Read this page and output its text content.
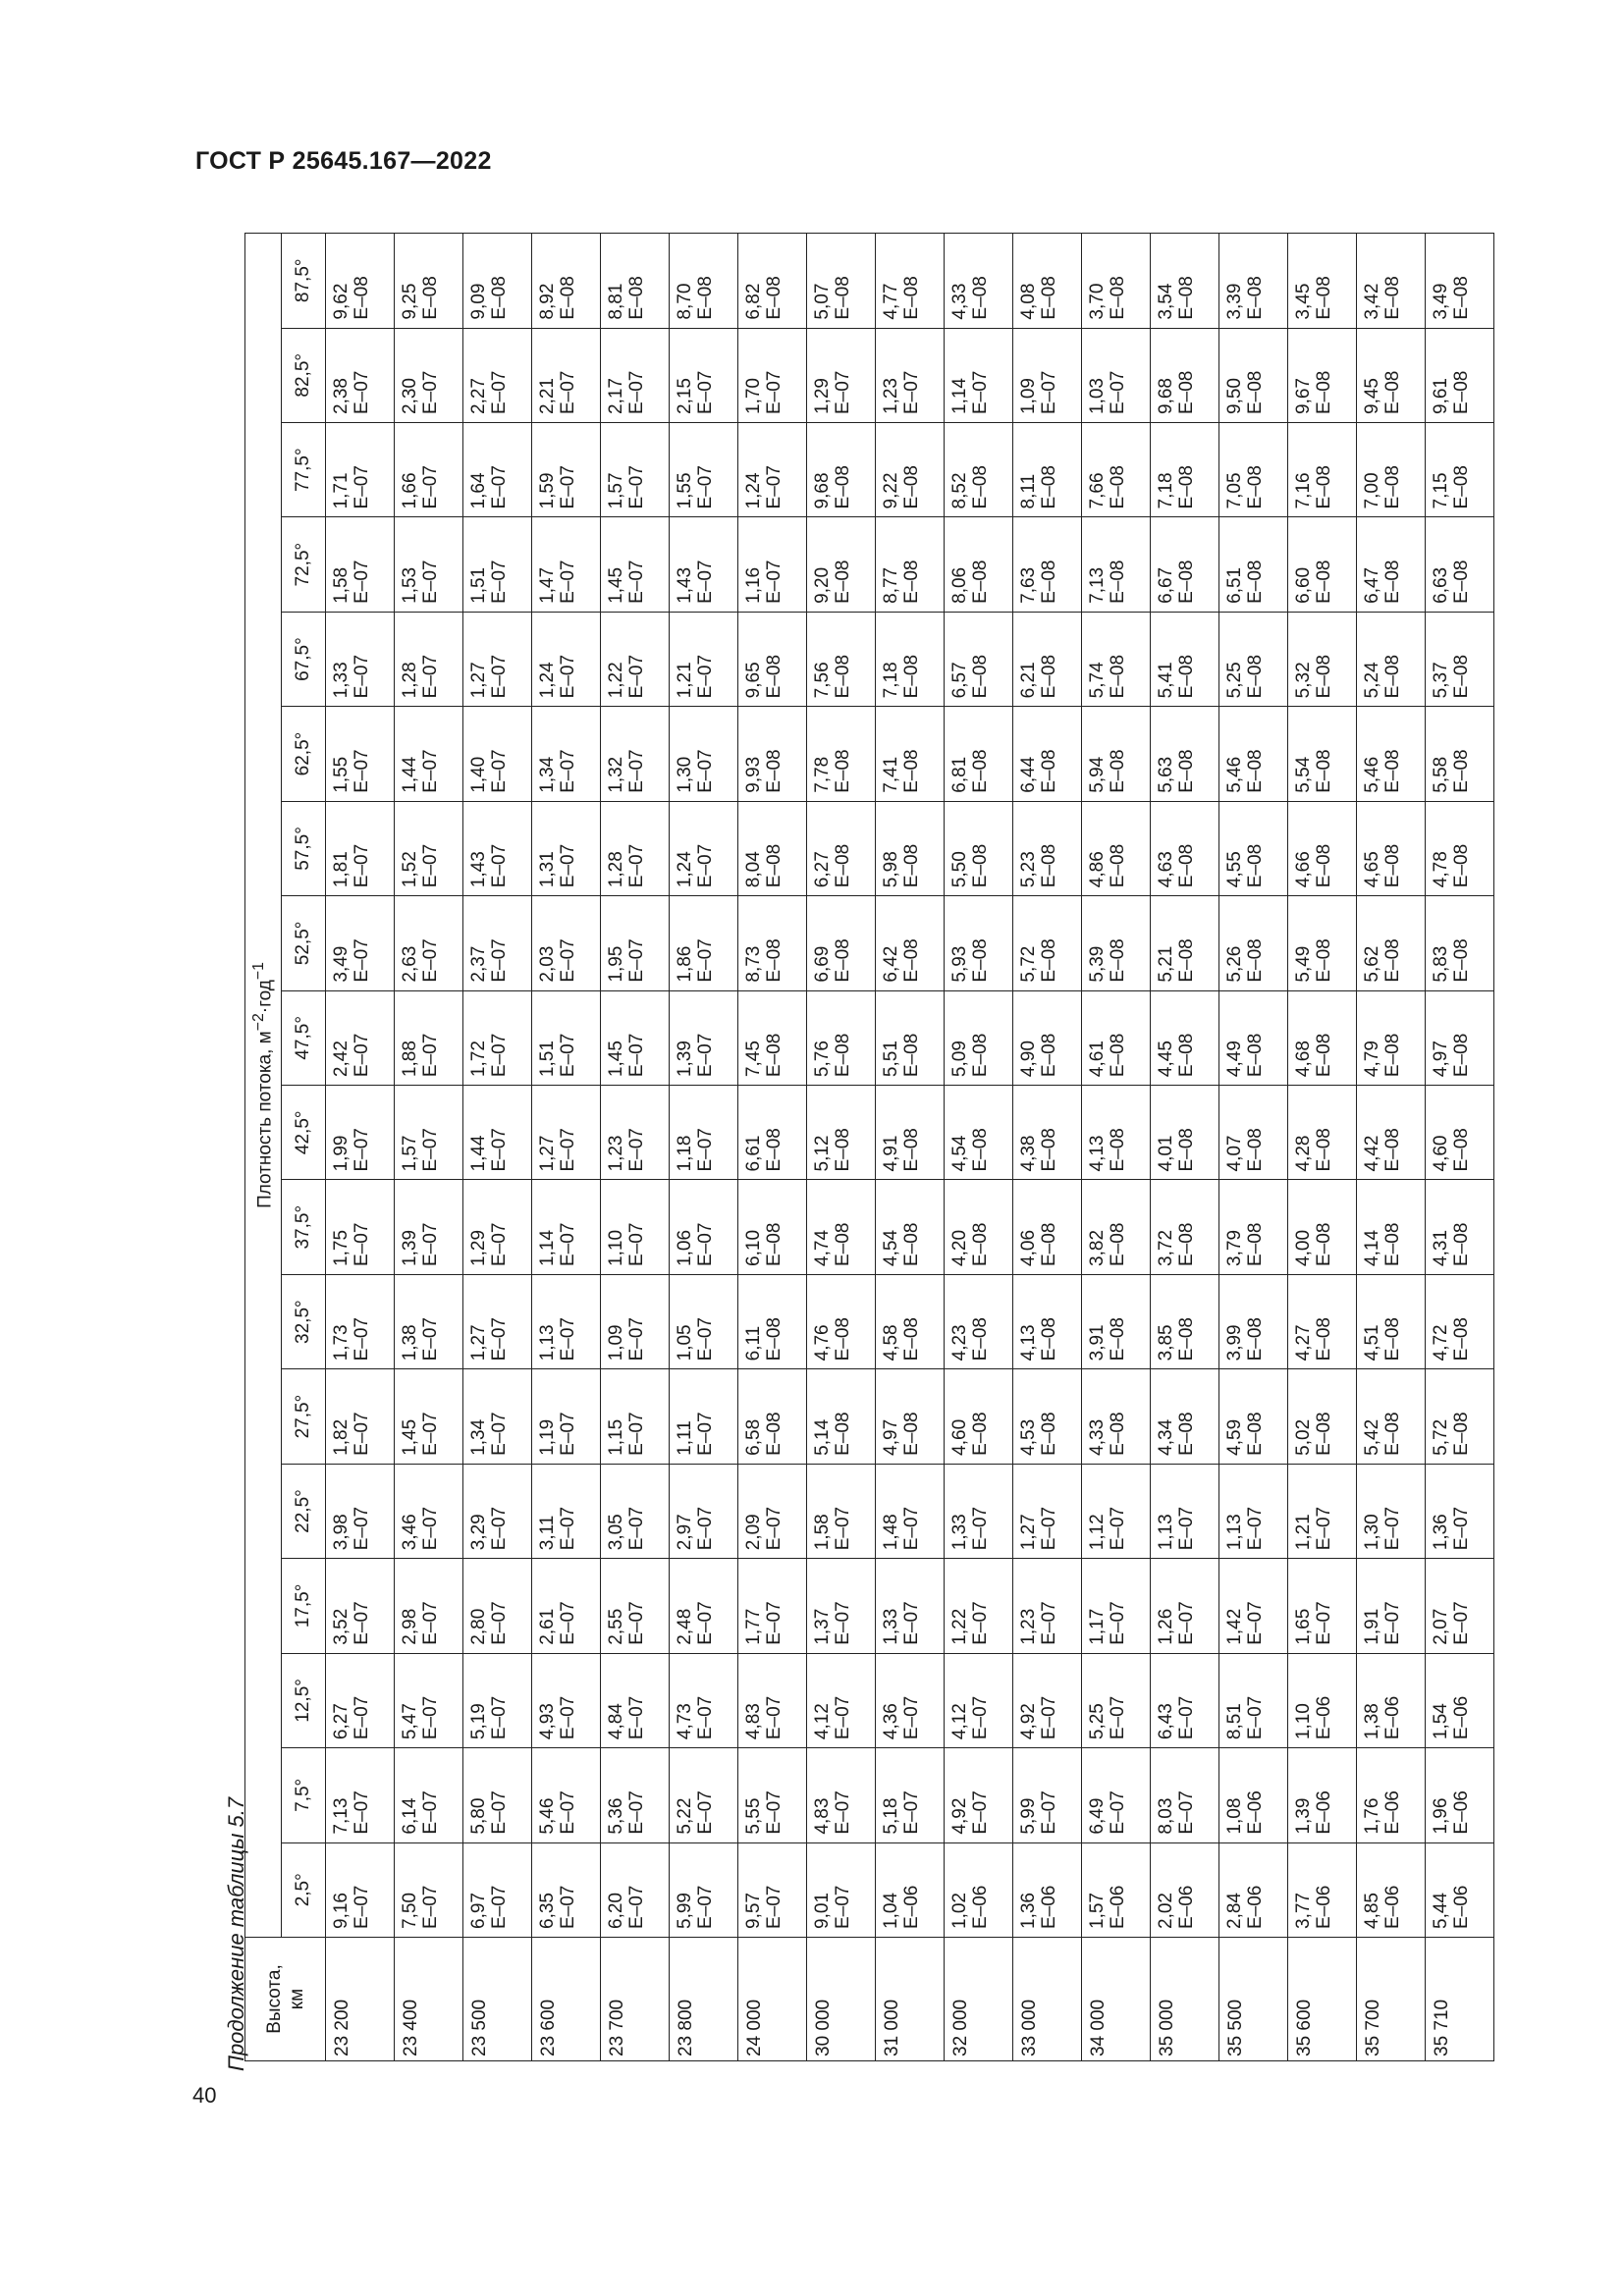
ГОСТ Р 25645.167—2022
40
Продолжение таблицы 5.7 Высота, км	Плотность потока, $м^{-2}\cdot год^{-1}$
	2,5°	7,5°	12,5°	17,5°	22,5°	27,5°	32,5°	37,5°	42,5°	47,5°	52,5°	57,5°	62,5°	67,5°	72,5°	77,5°	82,5°	87,5°
23 200	9,16 E–07	7,13 E–07	6,27 E–07	3,52 E–07	3,98 E–07	1,82 E–07	1,73 E–07	1,75 E–07	1,99 E–07	2,42 E–07	3,49 E–07	1,81 E–07	1,55 E–07	1,33 E–07	1,58 E–07	1,71 E–07	2,38 E–07	9,62 E–08

23 400	7,50 E–07	6,14 E–07	5,47 E–07	2,98 E–07	3,46 E–07	1,45 E–07	1,38 E–07	1,39 E–07	1,57 E–07	1,88 E–07	2,63 E–07	1,52 E–07	1,44 E–07	1,28 E–07	1,53 E–07	1,66 E–07	2,30 E–07	9,25 E–08

23 500	6,97 E–07	5,80 E–07	5,19 E–07	2,80 E–07	3,29 E–07	1,34 E–07	1,27 E–07	1,29 E–07	1,44 E–07	1,72 E–07	2,37 E–07	1,43 E–07	1,40 E–07	1,27 E–07	1,51 E–07	1,64 E–07	2,27 E–07	9,09 E–08

23 600	6,35 E–07	5,46 E–07	4,93 E–07	2,61 E–07	3,11 E–07	1,19 E–07	1,13 E–07	1,14 E–07	1,27 E–07	1,51 E–07	2,03 E–07	1,31 E–07	1,34 E–07	1,24 E–07	1,47 E–07	1,59 E–07	2,21 E–07	8,92 E–08

23 700	6,20 E–07	5,36 E–07	4,84 E–07	2,55 E–07	3,05 E–07	1,15 E–07	1,09 E–07	1,10 E–07	1,23 E–07	1,45 E–07	1,95 E–07	1,28 E–07	1,32 E–07	1,22 E–07	1,45 E–07	1,57 E–07	2,17 E–07	8,81 E–08

23 800	5,99 E–07	5,22 E–07	4,73 E–07	2,48 E–07	2,97 E–07	1,11 E–07	1,05 E–07	1,06 E–07	1,18 E–07	1,39 E–07	1,86 E–07	1,24 E–07	1,30 E–07	1,21 E–07	1,43 E–07	1,55 E–07	2,15 E–07	8,70 E–08

24 000	9,57 E–07	5,55 E–07	4,83 E–07	1,77 E–07	2,09 E–07	6,58 E–08	6,11 E–08	6,10 E–08	6,61 E–08	7,45 E–08	8,73 E–08	8,04 E–08	9,93 E–08	9,65 E–08	1,16 E–07	1,24 E–07	1,70 E–07	6,82 E–08

30 000	9,01 E–07	4,83 E–07	4,12 E–07	1,37 E–07	1,58 E–07	5,14 E–08	4,76 E–08	4,74 E–08	5,12 E–08	5,76 E–08	6,69 E–08	6,27 E–08	7,78 E–08	7,56 E–08	9,20 E–08	9,68 E–08	1,29 E–07	5,07 E–08

31 000	1,04 E–06	5,18 E–07	4,36 E–07	1,33 E–07	1,48 E–07	4,97 E–08	4,58 E–08	4,54 E–08	4,91 E–08	5,51 E–08	6,42 E–08	5,98 E–08	7,41 E–08	7,18 E–08	8,77 E–08	9,22 E–08	1,23 E–07	4,77 E–08

32 000	1,02 E–06	4,92 E–07	4,12 E–07	1,22 E–07	1,33 E–07	4,60 E–08	4,23 E–08	4,20 E–08	4,54 E–08	5,09 E–08	5,93 E–08	5,50 E–08	6,81 E–08	6,57 E–08	8,06 E–08	8,52 E–08	1,14 E–07	4,33 E–08

33 000	1,36 E–06	5,99 E–07	4,92 E–07	1,23 E–07	1,27 E–07	4,53 E–08	4,13 E–08	4,06 E–08	4,38 E–08	4,90 E–08	5,72 E–08	5,23 E–08	6,44 E–08	6,21 E–08	7,63 E–08	8,11 E–08	1,09 E–07	4,08 E–08

34 000	1,57 E–06	6,49 E–07	5,25 E–07	1,17 E–07	1,12 E–07	4,33 E–08	3,91 E–08	3,82 E–08	4,13 E–08	4,61 E–08	5,39 E–08	4,86 E–08	5,94 E–08	5,74 E–08	7,13 E–08	7,66 E–08	1,03 E–07	3,70 E–08

35 000	2,02 E–06	8,03 E–07	6,43 E–07	1,26 E–07	1,13 E–07	4,34 E–08	3,85 E–08	3,72 E–08	4,01 E–08	4,45 E–08	5,21 E–08	4,63 E–08	5,63 E–08	5,41 E–08	6,67 E–08	7,18 E–08	9,68 E–08	3,54 E–08

35 500	2,84 E–06	1,08 E–06	8,51 E–07	1,42 E–07	1,13 E–07	4,59 E–08	3,99 E–08	3,79 E–08	4,07 E–08	4,49 E–08	5,26 E–08	4,55 E–08	5,46 E–08	5,25 E–08	6,51 E–08	7,05 E–08	9,50 E–08	3,39 E–08

35 600	3,77 E–06	1,39 E–06	1,10 E–06	1,65 E–07	1,21 E–07	5,02 E–08	4,27 E–08	4,00 E–08	4,28 E–08	4,68 E–08	5,49 E–08	4,66 E–08	5,54 E–08	5,32 E–08	6,60 E–08	7,16 E–08	9,67 E–08	3,45 E–08

35 700	4,85 E–06	1,76 E–06	1,38 E–06	1,91 E–07	1,30 E–07	5,42 E–08	4,51 E–08	4,14 E–08	4,42 E–08	4,79 E–08	5,62 E–08	4,65 E–08	5,46 E–08	5,24 E–08	6,47 E–08	7,00 E–08	9,45 E–08	3,42 E–08

35 710	5,44 E–06	1,96 E–06	1,54 E–06	2,07 E–07	1,36 E–07	5,72 E–08	4,72 E–08	4,31 E–08	4,60 E–08	4,97 E–08	5,83 E–08	4,78 E–08	5,58 E–08	5,37 E–08	6,63 E–08	7,15 E–08	9,61 E–08	3,49 E–08
